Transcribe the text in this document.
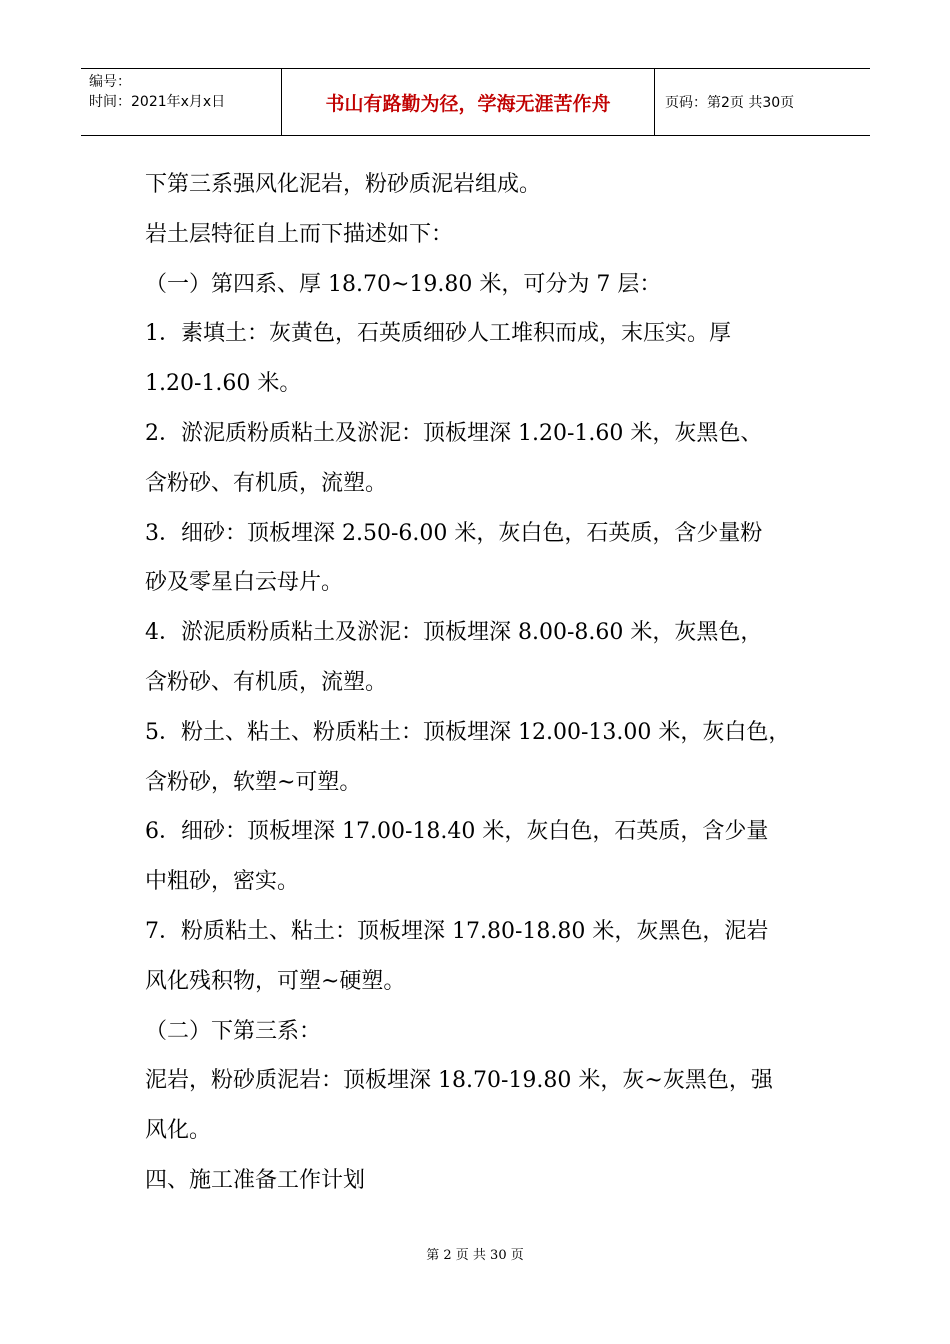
编号：
时间：2021年x月x日	书山有路勤为径，学海无涯苦作舟	页码：第2页 共30页
下第三系强风化泥岩，粉砂质泥岩组成。
岩土层特征自上而下描述如下：
（一）第四系、厚 18.70~19.80 米，可分为 7 层：
1．素填土：灰黄色，石英质细砂人工堆积而成，末压实。厚
1.20-1.60 米。
2．淤泥质粉质粘土及淤泥：顶板埋深 1.20-1.60 米，灰黑色、
含粉砂、有机质，流塑。
3．细砂：顶板埋深 2.50-6.00 米，灰白色，石英质，含少量粉
砂及零星白云母片。
4．淤泥质粉质粘土及淤泥：顶板埋深 8.00-8.60 米，灰黑色，
含粉砂、有机质，流塑。
5．粉土、粘土、粉质粘土：顶板埋深 12.00-13.00 米，灰白色，
含粉砂，软塑~可塑。
6．细砂：顶板埋深 17.00-18.40 米，灰白色，石英质，含少量
中粗砂，密实。
7．粉质粘土、粘土：顶板埋深 17.80-18.80 米，灰黑色，泥岩
风化残积物，可塑~硬塑。
（二）下第三系：
泥岩，粉砂质泥岩：顶板埋深 18.70-19.80 米，灰~灰黑色，强
风化。
四、施工准备工作计划
第 2 页 共 30 页
